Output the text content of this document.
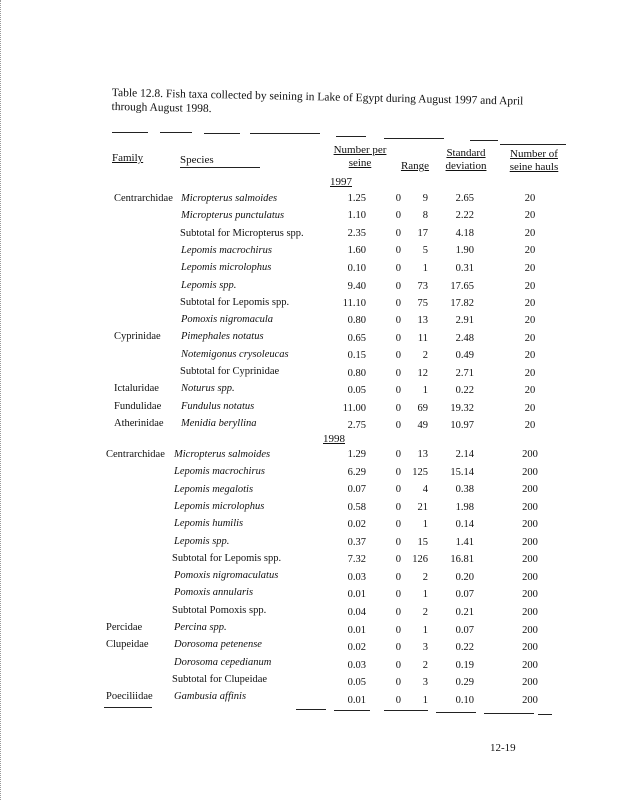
Table 12.8. Fish taxa collected by seining in Lake of Egypt during August 1997 and April through August 1998.
Family	Species
Number per seine	Range
Standard deviation
Number of seine hauls
1997
1998
Centrarchidae Micropterus salmoides	1.25	0	9	2.65	20
Micropterus punctulatus	1.10	0	8	2.22	20
Subtotal for Micropterus spp.	2.35	0	17	4.18	20
Lepomis macrochirus	1.60	0	5	1.90	20
Lepomis microlophus	0.10	0	1	0.31	20
Lepomis spp.	9.40	0	73	17.65	20
Subtotal for Lepomis spp.	11.10	0	75	17.82	20
Pomoxis nigromacula	0.80	0	13	2.91	20
Cyprinidae Pimephales notatus	0.65	0	11	2.48	20
Notemigonus crysoleucas	0.15	0	2	0.49	20
Subtotal for Cyprinidae	0.80	0	12	2.71	20
Ictaluridae Noturus spp.	0.05	0	1	0.22	20
Fundulidae Fundulus notatus	11.00	0	69	19.32	20
Atherinidae Menidia beryllina	2.75	0	49	10.97	20
Centrarchidae Micropterus salmoides	1.29	0	13	2.14	200
Lepomis macrochirus	6.29	0	125	15.14	200
Lepomis megalotis	0.07	0	4	0.38	200
Lepomis microlophus	0.58	0	21	1.98	200
Lepomis humilis	0.02	0	1	0.14	200
Lepomis spp.	0.37	0	15	1.41	200
Subtotal for Lepomis spp.	7.32	0	126	16.81	200
Pomoxis nigromaculatus	0.03	0	2	0.20	200
Pomoxis annularis	0.01	0	1	0.07	200
Subtotal Pomoxis spp.	0.04	0	2	0.21	200
Percidae	Percina spp.	0.01	0	1	0.07	200
Clupeidae Dorosoma petenense	0.02	0	3	0.22	200
Dorosoma cepedianum	0.03	0	2	0.19	200
Subtotal for Clupeidae	0.05	0	3	0.29	200
Poeciliidae Gambusia affinis	0.01	0	1	0.10	200
12-19
